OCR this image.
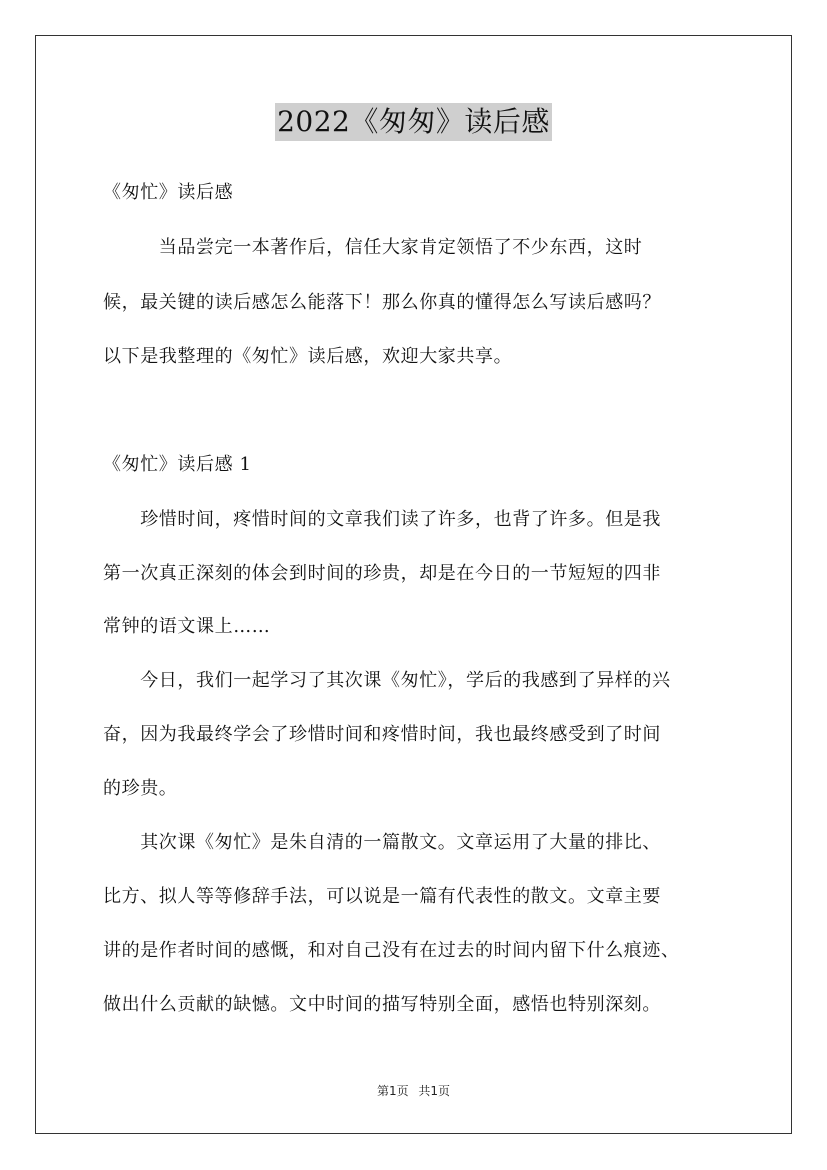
2022《匆匆》读后感
《匆忙》读后感
　　　当品尝完一本著作后，信任大家肯定领悟了不少东西，这时
候，最关键的读后感怎么能落下！那么你真的懂得怎么写读后感吗？
以下是我整理的《匆忙》读后感，欢迎大家共享。
《匆忙》读后感 1
　　珍惜时间，疼惜时间的文章我们读了许多，也背了许多。但是我
第一次真正深刻的体会到时间的珍贵，却是在今日的一节短短的四非
常钟的语文课上……
　　今日，我们一起学习了其次课《匆忙》，学后的我感到了异样的兴
奋，因为我最终学会了珍惜时间和疼惜时间，我也最终感受到了时间
的珍贵。
　　其次课《匆忙》是朱自清的一篇散文。文章运用了大量的排比、
比方、拟人等等修辞手法，可以说是一篇有代表性的散文。文章主要
讲的是作者时间的感慨，和对自己没有在过去的时间内留下什么痕迹、
做出什么贡献的缺憾。文中时间的描写特别全面，感悟也特别深刻。
第1页 共1页
